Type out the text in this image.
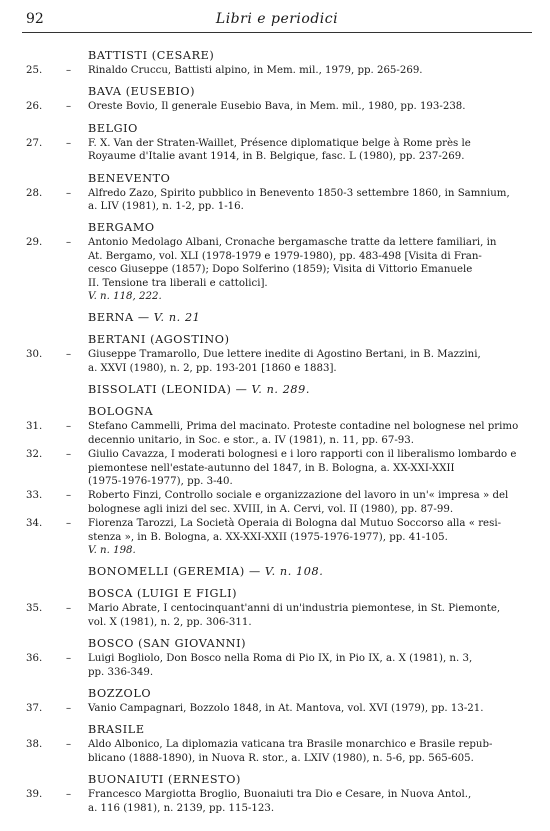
92	Libri e periodici
BATTISTI (CESARE)
25.	– Rinaldo Cruccu, Battisti alpino, in Mem. mil., 1979, pp. 265-269.
BAVA (EUSEBIO)
26.	– Oreste Bovio, Il generale Eusebio Bava, in Mem. mil., 1980, pp. 193-238.
BELGIO
27.	– F. X. Van der Straten-Waillet, Présence diplomatique belge à Rome près le
Royaume d'Italie avant 1914, in B. Belgique, fasc. L (1980), pp. 237-269.
BENEVENTO
28.	– Alfredo Zazo, Spirito pubblico in Benevento 1850-3 settembre 1860, in Samnium,
a. LIV (1981), n. 1-2, pp. 1-16.
BERGAMO
29.	– Antonio Medolago Albani, Cronache bergamasche tratte da lettere familiari, in
At. Bergamo, vol. XLI (1978-1979 e 1979-1980), pp. 483-498 [Visita di Fran-
cesco Giuseppe (1857); Dopo Solferino (1859); Visita di Vittorio Emanuele
II. Tensione tra liberali e cattolici].
V. n. 118, 222.
BERNA — V. n. 21
BERTANI (AGOSTINO)
30.	– Giuseppe Tramarollo, Due lettere inedite di Agostino Bertani, in B. Mazzini,
a. XXVI (1980), n. 2, pp. 193-201 [1860 e 1883].
BISSOLATI (LEONIDA) — V. n. 289.
BOLOGNA
31.	– Stefano Cammelli, Prima del macinato. Proteste contadine nel bolognese nel primo
decennio unitario, in Soc. e stor., a. IV (1981), n. 11, pp. 67-93.
32.	– Giulio Cavazza, I moderati bolognesi e i loro rapporti con il liberalismo lombardo e
piemontese nell'estate-autunno del 1847, in B. Bologna, a. XX-XXI-XXII
(1975-1976-1977), pp. 3-40.
33.	– Roberto Finzi, Controllo sociale e organizzazione del lavoro in un'« impresa » del
bolognese agli inizi del sec. XVIII, in A. Cervi, vol. II (1980), pp. 87-99.
34.	– Fiorenza Tarozzi, La Società Operaia di Bologna dal Mutuo Soccorso alla « resi-
stenza », in B. Bologna, a. XX-XXI-XXII (1975-1976-1977), pp. 41-105.
V. n. 198.
BONOMELLI (GEREMIA) — V. n. 108.
BOSCA (LUIGI E FIGLI)
35.	– Mario Abrate, I centocinquant'anni di un'industria piemontese, in St. Piemonte,
vol. X (1981), n. 2, pp. 306-311.
BOSCO (SAN GIOVANNI)
36.	– Luigi Bogliolo, Don Bosco nella Roma di Pio IX, in Pio IX, a. X (1981), n. 3,
pp. 336-349.
BOZZOLO
37.	– Vanio Campagnari, Bozzolo 1848, in At. Mantova, vol. XVI (1979), pp. 13-21.
BRASILE
38.	– Aldo Albonico, La diplomazia vaticana tra Brasile monarchico e Brasile repub-
blicano (1888-1890), in Nuova R. stor., a. LXIV (1980), n. 5-6, pp. 565-605.
BUONAIUTI (ERNESTO)
39.	– Francesco Margiotta Broglio, Buonaiuti tra Dio e Cesare, in Nuova Antol.,
a. 116 (1981), n. 2139, pp. 115-123.
